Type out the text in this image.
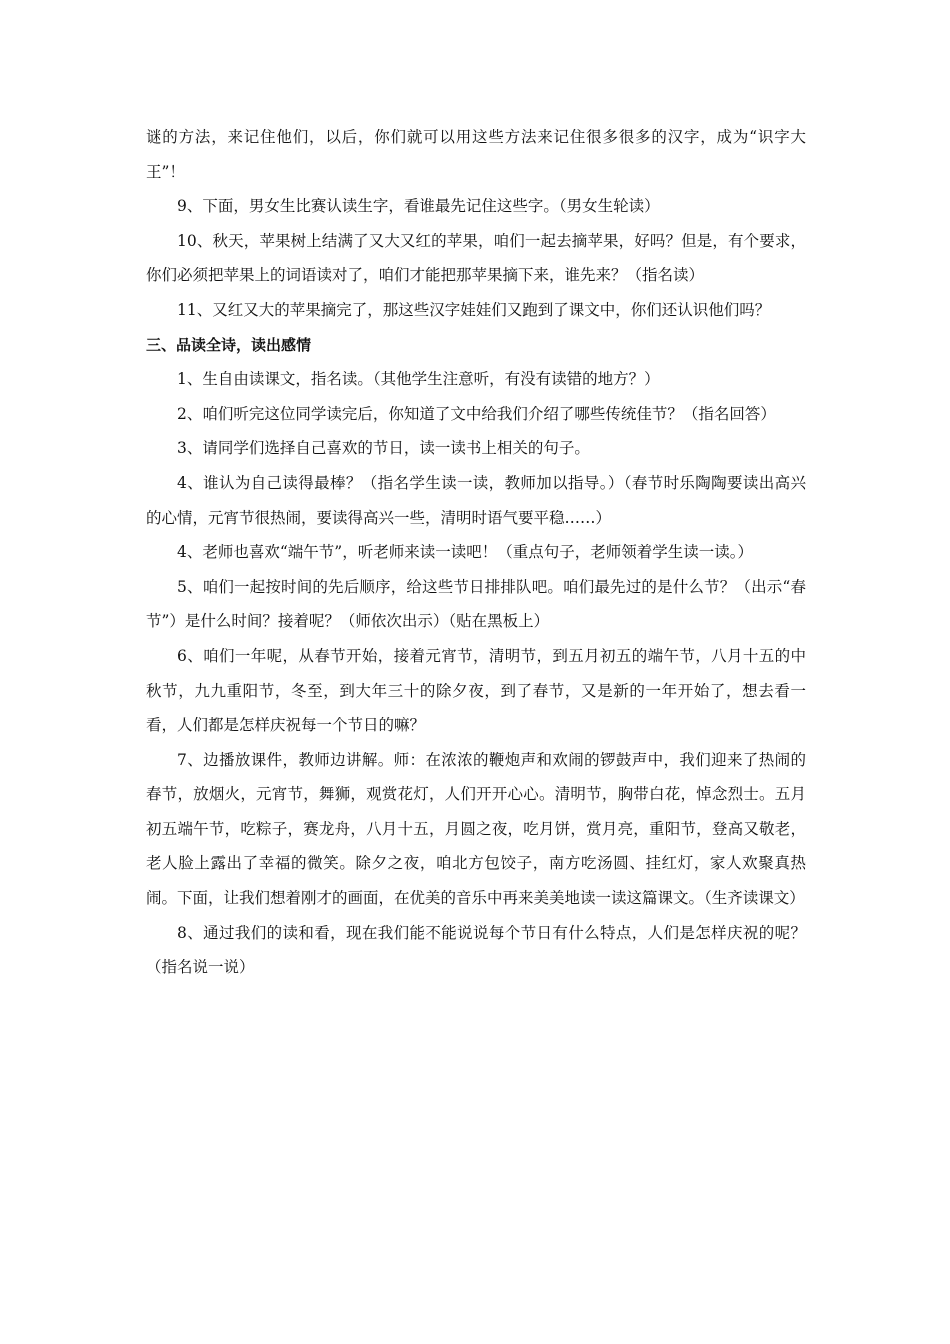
谜的方法，来记住他们，以后，你们就可以用这些方法来记住很多很多的汉字，成为“识字大王”！

9、下面，男女生比赛认读生字，看谁最先记住这些字。（男女生轮读）

10、秋天，苹果树上结满了又大又红的苹果，咱们一起去摘苹果，好吗？但是，有个要求，你们必须把苹果上的词语读对了，咱们才能把那苹果摘下来，谁先来？（指名读）

11、又红又大的苹果摘完了，那这些汉字娃娃们又跑到了课文中，你们还认识他们吗？

三、品读全诗，读出感情

1、生自由读课文，指名读。（其他学生注意听，有没有读错的地方？）

2、咱们听完这位同学读完后，你知道了文中给我们介绍了哪些传统佳节？（指名回答）

3、请同学们选择自己喜欢的节日，读一读书上相关的句子。

4、谁认为自己读得最棒？（指名学生读一读，教师加以指导。）（春节时乐陶陶要读出高兴的心情，元宵节很热闹，要读得高兴一些，清明时语气要平稳……）

4、老师也喜欢“端午节”，听老师来读一读吧！（重点句子，老师领着学生读一读。）

5、咱们一起按时间的先后顺序，给这些节日排排队吧。咱们最先过的是什么节？（出示“春节”）是什么时间？接着呢？（师依次出示）（贴在黑板上）

6、咱们一年呢，从春节开始，接着元宵节，清明节，到五月初五的端午节，八月十五的中秋节，九九重阳节，冬至，到大年三十的除夕夜，到了春节，又是新的一年开始了，想去看一看，人们都是怎样庆祝每一个节日的嘛？

7、边播放课件，教师边讲解。师：在浓浓的鞭炮声和欢闹的锣鼓声中，我们迎来了热闹的春节，放烟火，元宵节，舞狮，观赏花灯，人们开开心心。清明节，胸带白花，悼念烈士。五月初五端午节，吃粽子，赛龙舟，八月十五，月圆之夜，吃月饼，赏月亮，重阳节，登高又敬老，老人脸上露出了幸福的微笑。除夕之夜，咱北方包饺子，南方吃汤圆、挂红灯，家人欢聚真热闹。下面，让我们想着刚才的画面，在优美的音乐中再来美美地读一读这篇课文。（生齐读课文）

8、通过我们的读和看，现在我们能不能说说每个节日有什么特点，人们是怎样庆祝的呢？（指名说一说）
